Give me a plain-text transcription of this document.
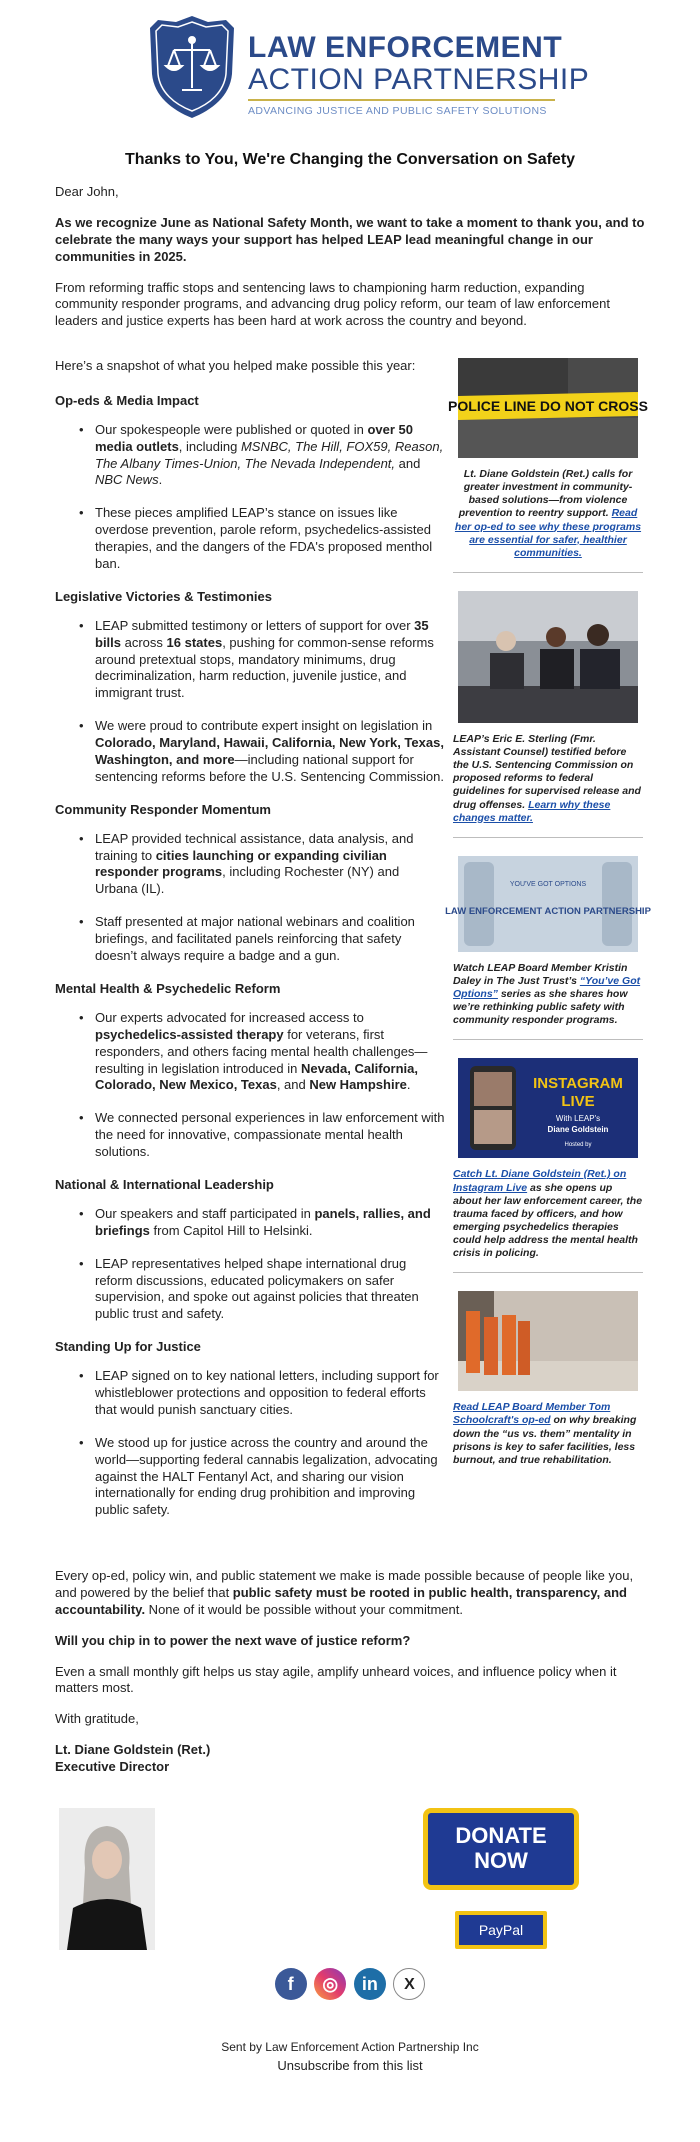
LAW ENFORCEMENT
ACTION PARTNERSHIP
ADVANCING JUSTICE AND PUBLIC SAFETY SOLUTIONS
Thanks to You, We're Changing the Conversation on Safety
Dear John,
As we recognize June as National Safety Month, we want to take a moment to thank you, and to celebrate the many ways your support has helped LEAP lead meaningful change in our communities in 2025.
From reforming traffic stops and sentencing laws to championing harm reduction, expanding community responder programs, and advancing drug policy reform, our team of law enforcement leaders and justice experts has been hard at work across the country and beyond.
Here’s a snapshot of what you helped make possible this year:
Op-eds & Media Impact
• Our spokespeople were published or quoted in over 50 media outlets, including MSNBC, The Hill, FOX59, Reason, The Albany Times-Union, The Nevada Independent, and NBC News.
• These pieces amplified LEAP’s stance on issues like overdose prevention, parole reform, psychedelics-assisted therapies, and the dangers of the FDA's proposed menthol ban.
Legislative Victories & Testimonies
• LEAP submitted testimony or letters of support for over 35 bills across 16 states, pushing for common-sense reforms around pretextual stops, mandatory minimums, drug decriminalization, harm reduction, juvenile justice, and immigrant trust.
• We were proud to contribute expert insight on legislation in Colorado, Maryland, Hawaii, California, New York, Texas, Washington, and more—including national support for sentencing reforms before the U.S. Sentencing Commission.
Community Responder Momentum
• LEAP provided technical assistance, data analysis, and training to cities launching or expanding civilian responder programs, including Rochester (NY) and Urbana (IL).
• Staff presented at major national webinars and coalition briefings, and facilitated panels reinforcing that safety doesn’t always require a badge and a gun.
Mental Health & Psychedelic Reform
• Our experts advocated for increased access to psychedelics-assisted therapy for veterans, first responders, and others facing mental health challenges—resulting in legislation introduced in Nevada, California, Colorado, New Mexico, Texas, and New Hampshire.
• We connected personal experiences in law enforcement with the need for innovative, compassionate mental health solutions.
National & International Leadership
• Our speakers and staff participated in panels, rallies, and briefings from Capitol Hill to Helsinki.
• LEAP representatives helped shape international drug reform discussions, educated policymakers on safer supervision, and spoke out against policies that threaten public trust and safety.
Standing Up for Justice
• LEAP signed on to key national letters, including support for whistleblower protections and opposition to federal efforts that would punish sanctuary cities.
• We stood up for justice across the country and around the world—supporting federal cannabis legalization, advocating against the HALT Fentanyl Act, and sharing our vision internationally for ending drug prohibition and improving public safety.
POLICE LINE DO NOT CROSS
Lt. Diane Goldstein (Ret.) calls for greater investment in community-based solutions—from violence prevention to reentry support. Read her op-ed to see why these programs are essential for safer, healthier communities.
LEAP’s Eric E. Sterling (Fmr. Assistant Counsel) testified before the U.S. Sentencing Commission on proposed reforms to federal guidelines for supervised release and drug offenses. Learn why these changes matter.
YOU'VE GOT OPTIONS
LAW ENFORCEMENT ACTION PARTNERSHIP
Watch LEAP Board Member Kristin Daley in The Just Trust’s “You’ve Got Options” series as she shares how we’re rethinking public safety with community responder programs.
INSTAGRAM
LIVE
With LEAP's
Diane Goldstein
Hosted by
Catch Lt. Diane Goldstein (Ret.) on Instagram Live as she opens up about her law enforcement career, the trauma faced by officers, and how emerging psychedelics therapies could help address the mental health crisis in policing.
Read LEAP Board Member Tom Schoolcraft's op-ed on why breaking down the “us vs. them” mentality in prisons is key to safer facilities, less burnout, and true rehabilitation.
Every op-ed, policy win, and public statement we make is made possible because of people like you, and powered by the belief that public safety must be rooted in public health, transparency, and accountability. None of it would be possible without your commitment.
Will you chip in to power the next wave of justice reform?
Even a small monthly gift helps us stay agile, amplify unheard voices, and influence policy when it matters most.
With gratitude,
Lt. Diane Goldstein (Ret.)
Executive Director
DONATE
NOW
PayPal
f ◎ in X
Sent by Law Enforcement Action Partnership Inc
Unsubscribe from this list
